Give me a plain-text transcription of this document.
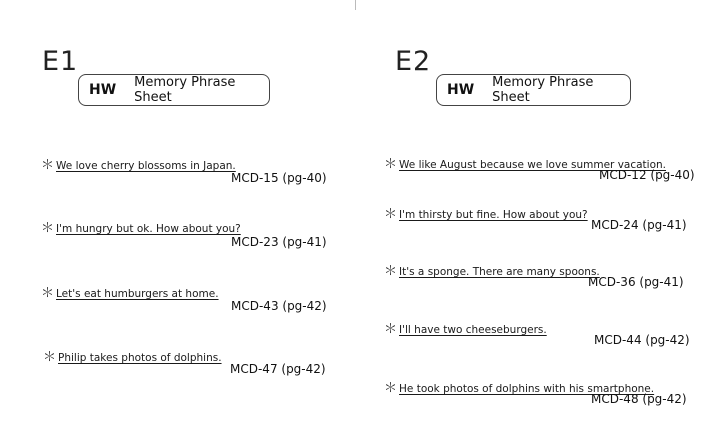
E1
HW Memory Phrase Sheet
＊ We love cherry blossoms in Japan.
MCD-15 (pg-40)
＊ I'm hungry but ok. How about you?
MCD-23 (pg-41)
＊ Let's eat humburgers at home.
MCD-43 (pg-42)
＊ Philip takes photos of dolphins.
MCD-47 (pg-42)
E2
HW Memory Phrase Sheet
＊ We like August because we love summer vacation.
MCD-12 (pg-40)
＊ I'm thirsty but fine. How about you?
MCD-24 (pg-41)
＊ It's a sponge. There are many spoons.
MCD-36 (pg-41)
＊ I'll have two cheeseburgers.
MCD-44 (pg-42)
＊ He took photos of dolphins with his smartphone.
MCD-48 (pg-42)
